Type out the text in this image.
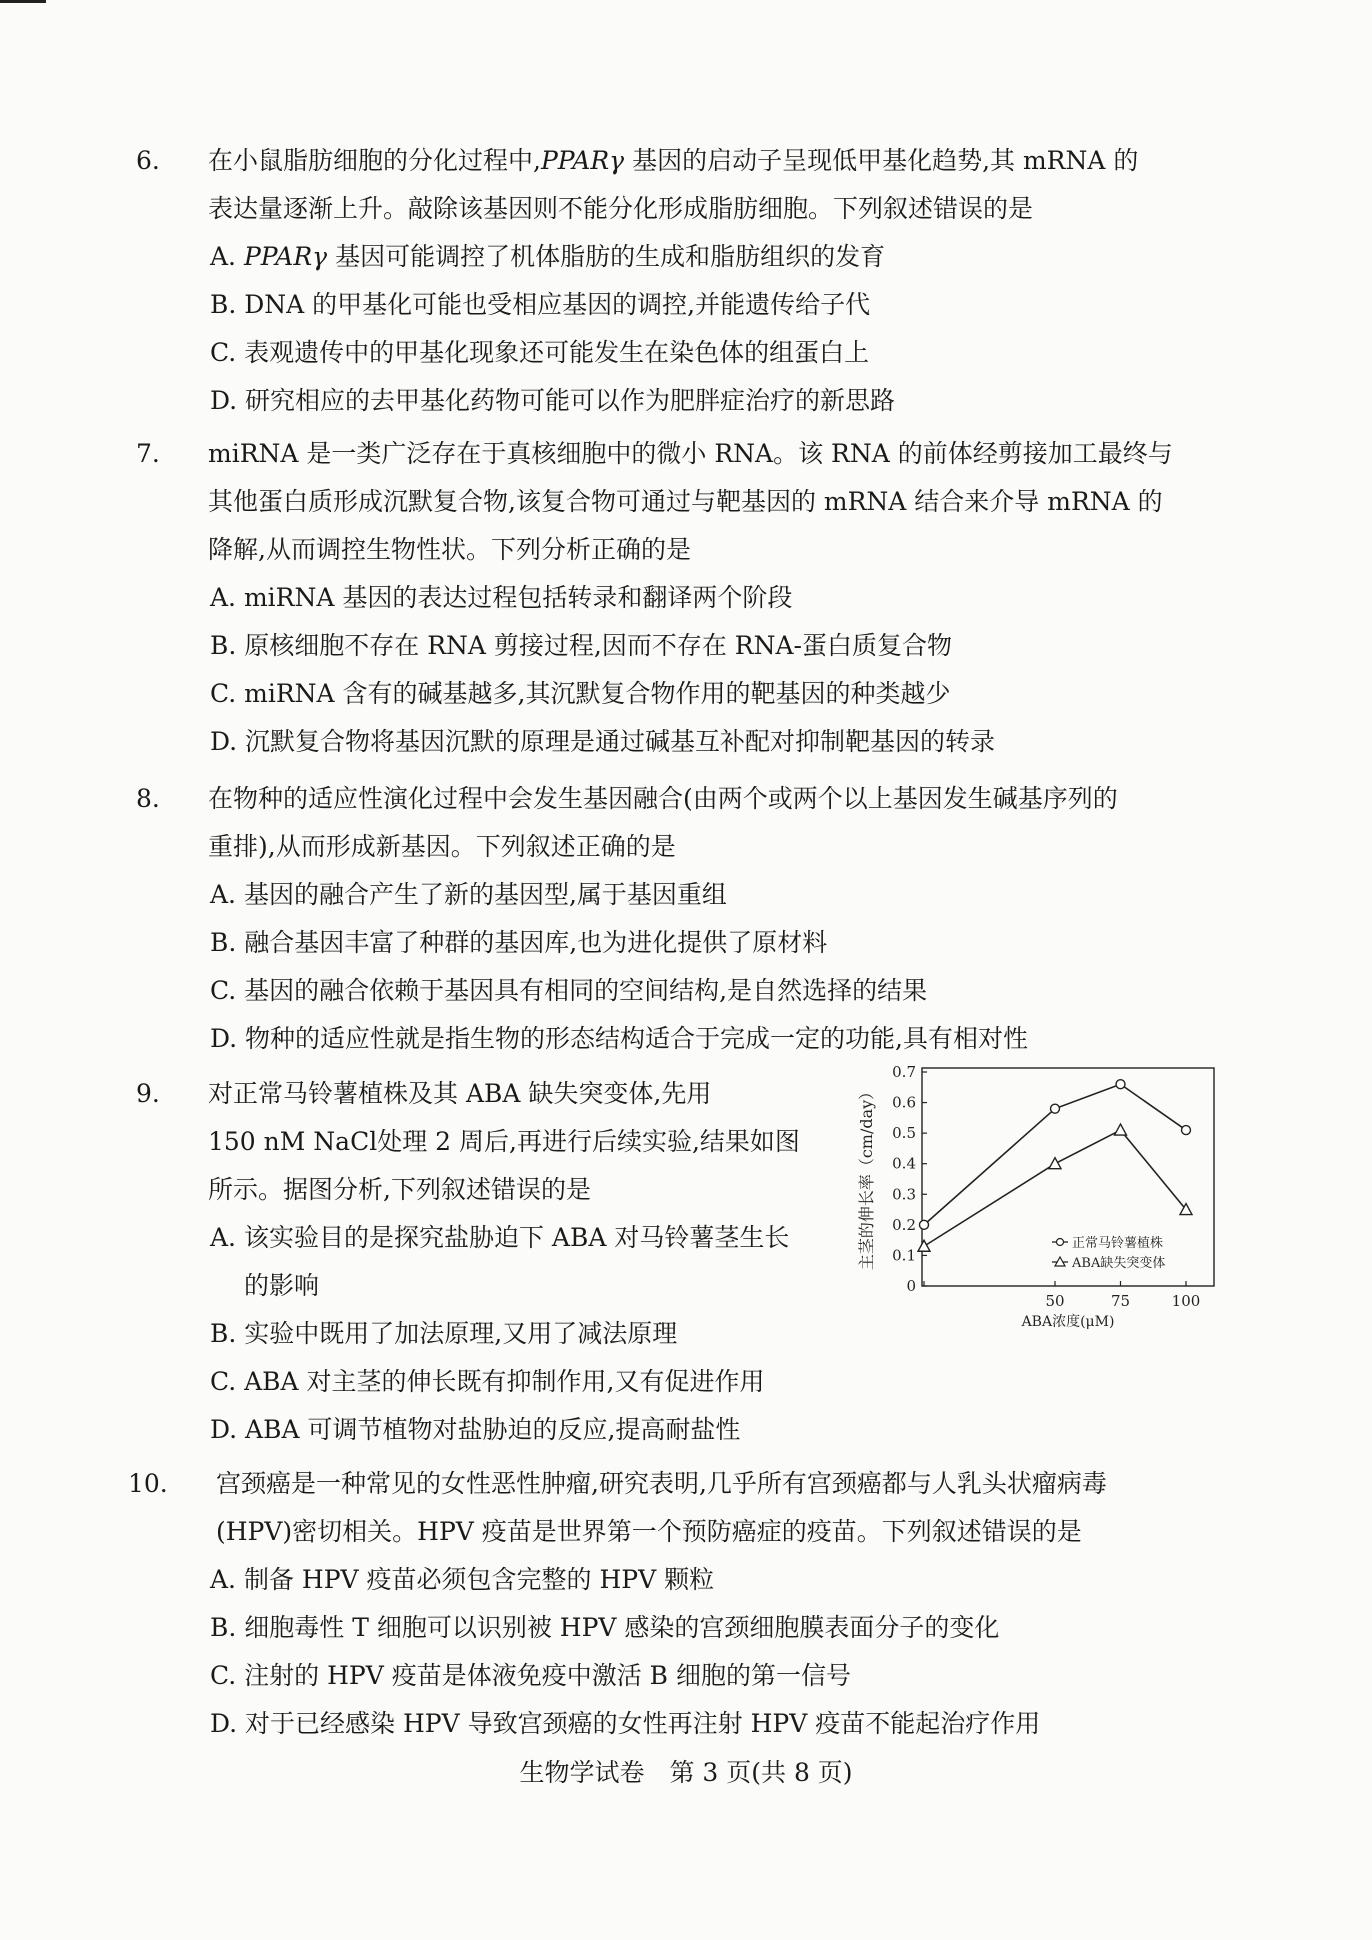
6. 在小鼠脂肪细胞的分化过程中,PPARγ 基因的启动子呈现低甲基化趋势,其 mRNA 的
表达量逐渐上升。敲除该基因则不能分化形成脂肪细胞。下列叙述错误的是
A. PPARγ 基因可能调控了机体脂肪的生成和脂肪组织的发育
B. DNA 的甲基化可能也受相应基因的调控,并能遗传给子代
C. 表观遗传中的甲基化现象还可能发生在染色体的组蛋白上
D. 研究相应的去甲基化药物可能可以作为肥胖症治疗的新思路
7. miRNA 是一类广泛存在于真核细胞中的微小 RNA。该 RNA 的前体经剪接加工最终与
其他蛋白质形成沉默复合物,该复合物可通过与靶基因的 mRNA 结合来介导 mRNA 的
降解,从而调控生物性状。下列分析正确的是
A. miRNA 基因的表达过程包括转录和翻译两个阶段
B. 原核细胞不存在 RNA 剪接过程,因而不存在 RNA-蛋白质复合物
C. miRNA 含有的碱基越多,其沉默复合物作用的靶基因的种类越少
D. 沉默复合物将基因沉默的原理是通过碱基互补配对抑制靶基因的转录
8. 在物种的适应性演化过程中会发生基因融合(由两个或两个以上基因发生碱基序列的
重排),从而形成新基因。下列叙述正确的是
A. 基因的融合产生了新的基因型,属于基因重组
B. 融合基因丰富了种群的基因库,也为进化提供了原材料
C. 基因的融合依赖于基因具有相同的空间结构,是自然选择的结果
D. 物种的适应性就是指生物的形态结构适合于完成一定的功能,具有相对性
9. 对正常马铃薯植株及其 ABA 缺失突变体,先用
150 nM NaCl处理 2 周后,再进行后续实验,结果如图
所示。据图分析,下列叙述错误的是
A. 该实验目的是探究盐胁迫下 ABA 对马铃薯茎生长
的影响
B. 实验中既用了加法原理,又用了减法原理
C. ABA 对主茎的伸长既有抑制作用,又有促进作用
D. ABA 可调节植物对盐胁迫的反应,提高耐盐性
0
0.1
0.2
0.3
0.4
0.5
0.6
0.7
50	75	100
ABA浓度(μM)
主茎的伸长率（cm/day）	正常马铃薯植株
ABA缺失突变体
10. 宫颈癌是一种常见的女性恶性肿瘤,研究表明,几乎所有宫颈癌都与人乳头状瘤病毒
(HPV)密切相关。HPV 疫苗是世界第一个预防癌症的疫苗。下列叙述错误的是
A. 制备 HPV 疫苗必须包含完整的 HPV 颗粒
B. 细胞毒性 T 细胞可以识别被 HPV 感染的宫颈细胞膜表面分子的变化
C. 注射的 HPV 疫苗是体液免疫中激活 B 细胞的第一信号
D. 对于已经感染 HPV 导致宫颈癌的女性再注射 HPV 疫苗不能起治疗作用
生物学试卷　第 3 页(共 8 页)
